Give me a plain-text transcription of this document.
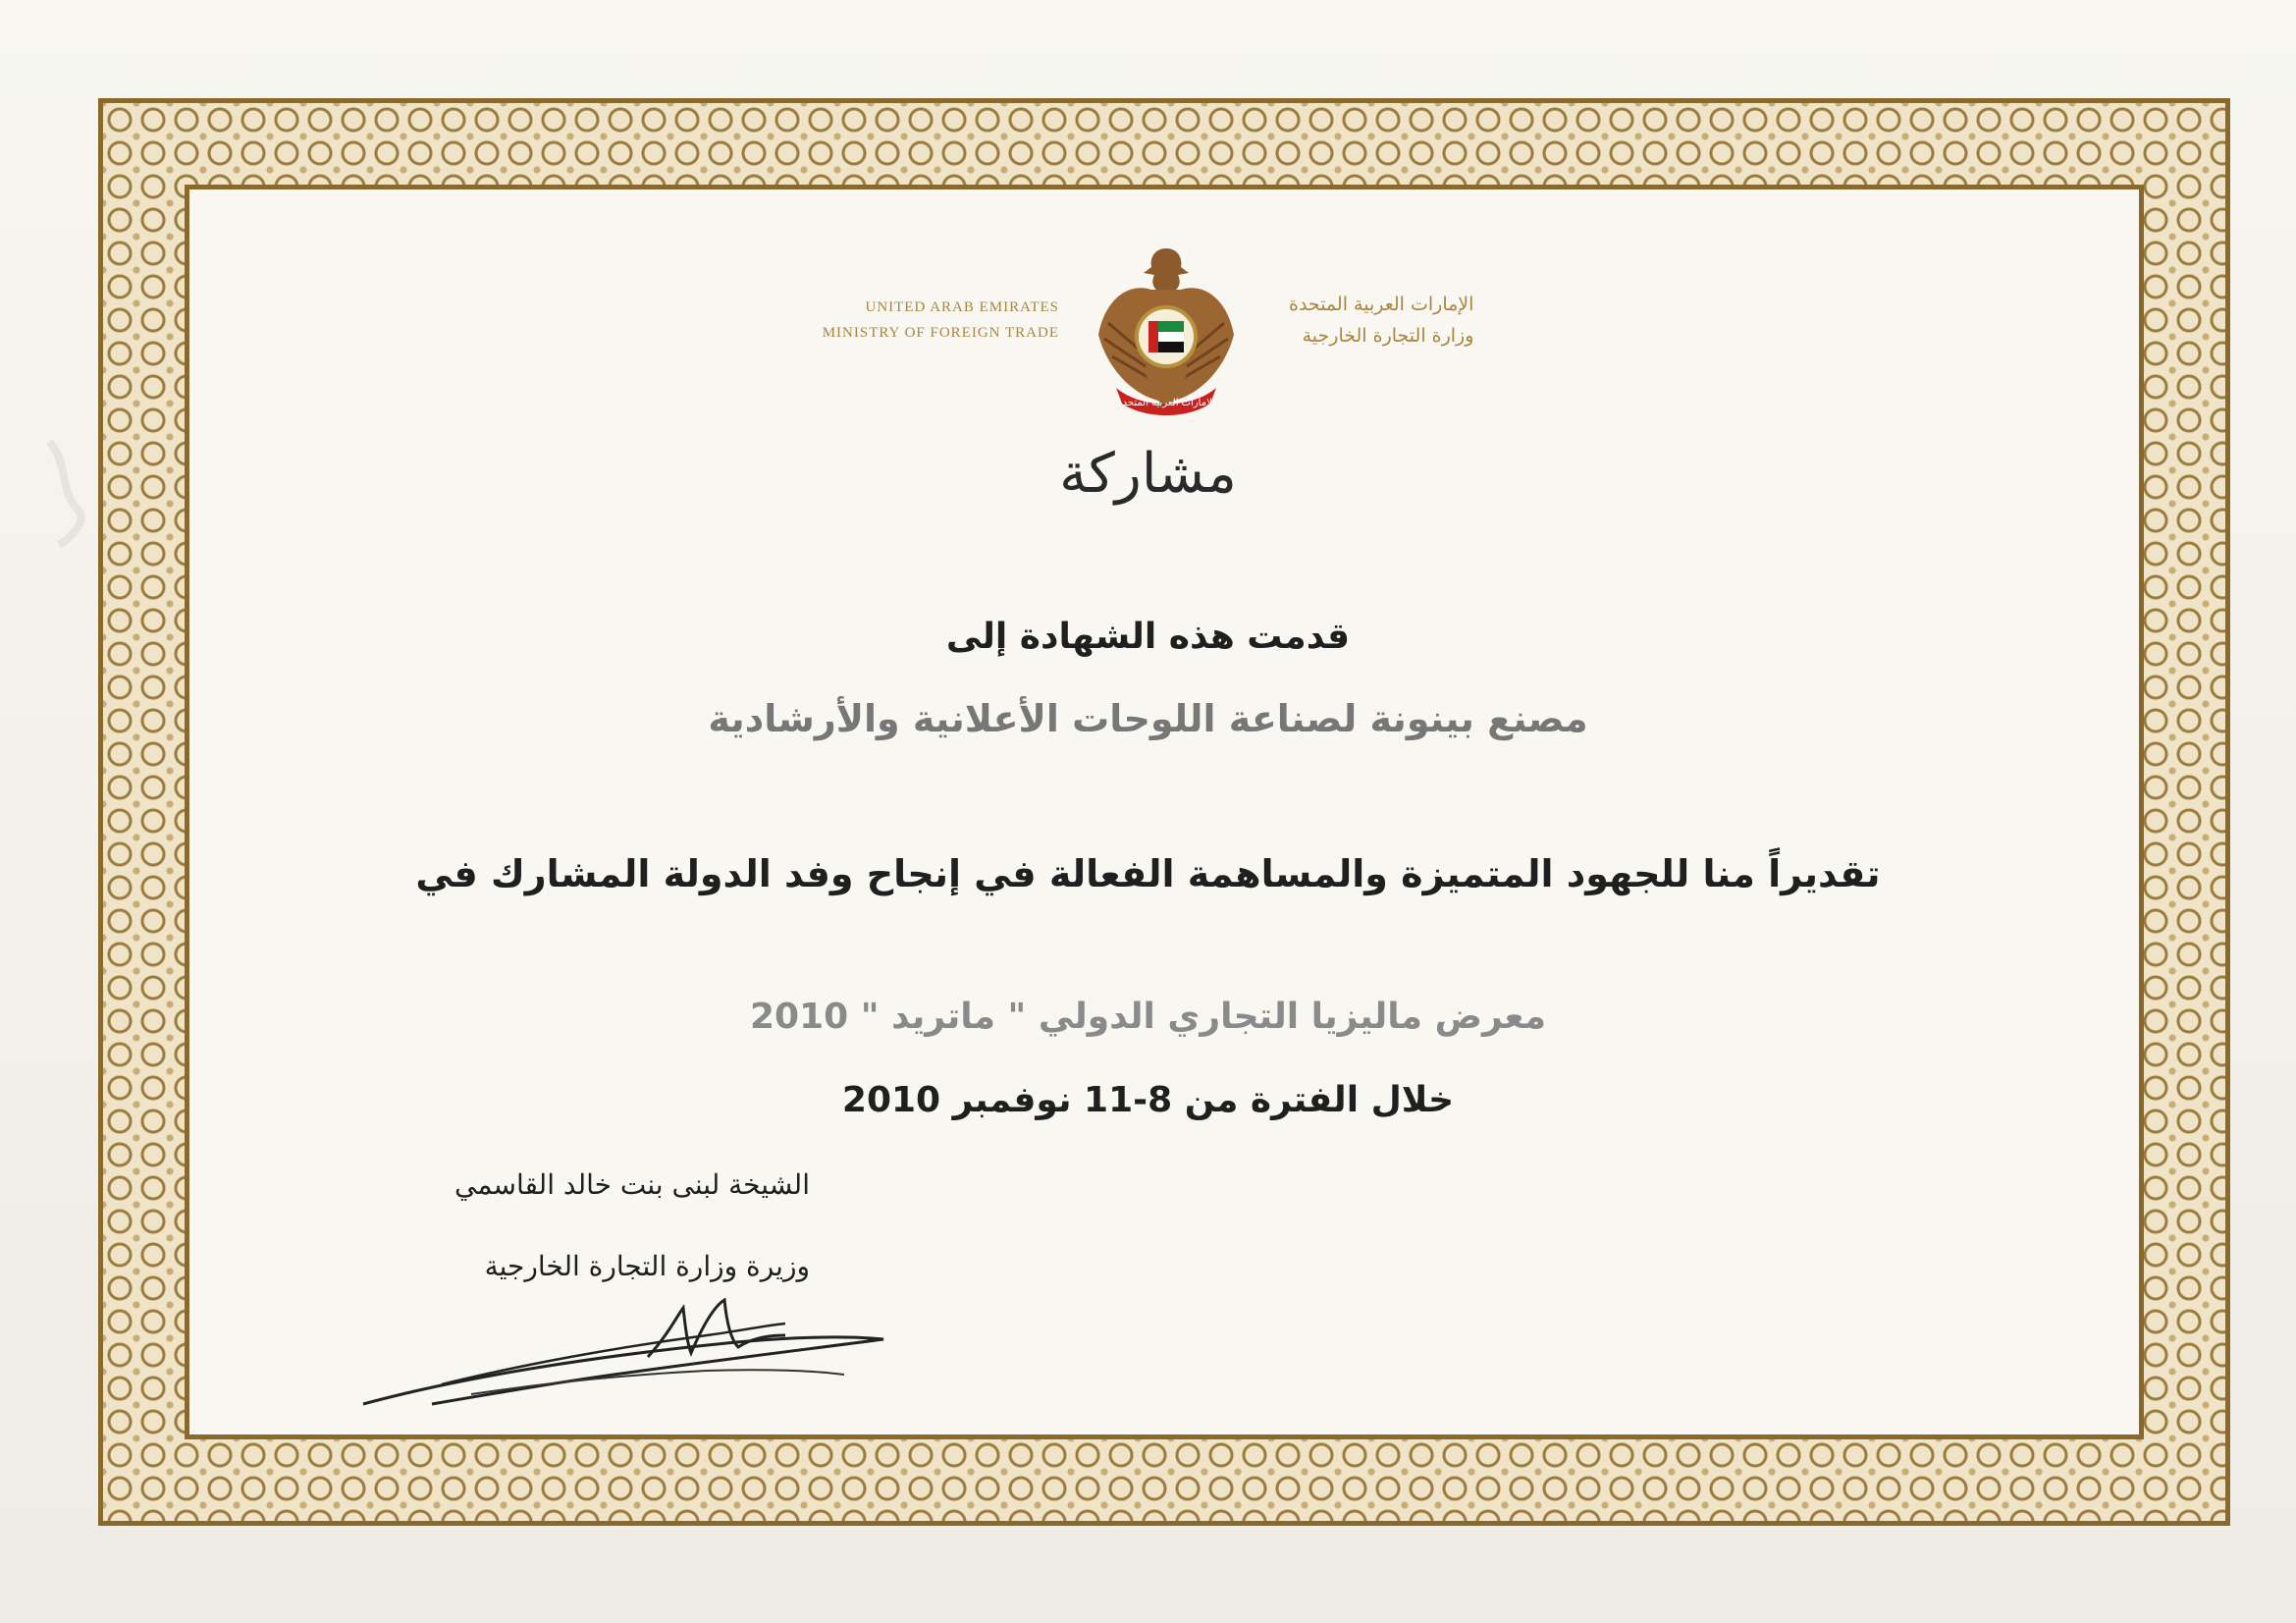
UNITED ARAB EMIRATES
MINISTRY OF FOREIGN TRADE
الإمارات العربية المتحدة
الإمارات العربية المتحدة
وزارة التجارة الخارجية
مشاركة
قدمت هذه الشهادة إلى
مصنع بينونة لصناعة اللوحات الأعلانية والأرشادية
تقديراً منا للجهود المتميزة والمساهمة الفعالة في إنجاح وفد الدولة المشارك في
معرض ماليزيا التجاري الدولي " ماتريد " 2010
خلال الفترة من 8-11 نوفمبر 2010
الشيخة لبنى بنت خالد القاسمي
وزيرة وزارة التجارة الخارجية
